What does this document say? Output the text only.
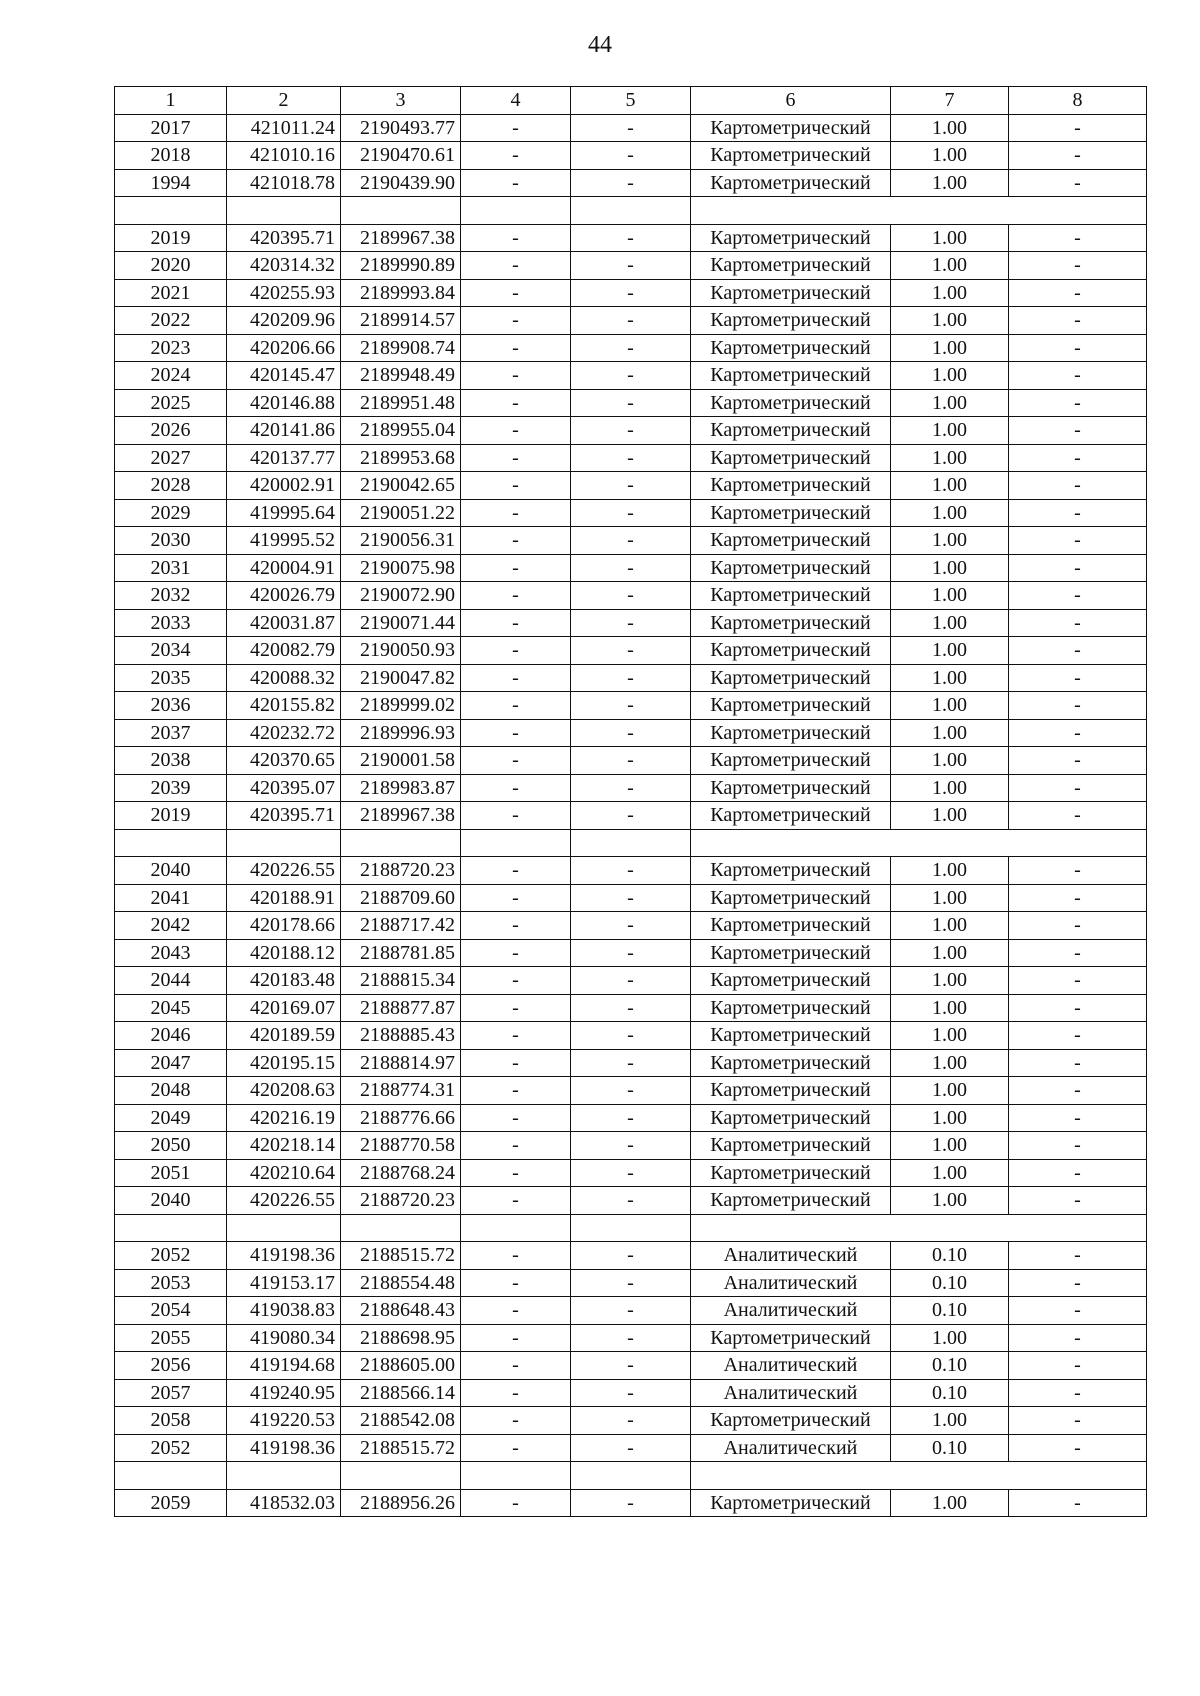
44
1	2	3	4	5	6	7	8
2017	421011.24	2190493.77	-	-	Картометрический	1.00	-
2018	421010.16	2190470.61	-	-	Картометрический	1.00	-
1994	421018.78	2190439.90	-	-	Картометрический	1.00	-

2019	420395.71	2189967.38	-	-	Картометрический	1.00	-
2020	420314.32	2189990.89	-	-	Картометрический	1.00	-
2021	420255.93	2189993.84	-	-	Картометрический	1.00	-
2022	420209.96	2189914.57	-	-	Картометрический	1.00	-
2023	420206.66	2189908.74	-	-	Картометрический	1.00	-
2024	420145.47	2189948.49	-	-	Картометрический	1.00	-
2025	420146.88	2189951.48	-	-	Картометрический	1.00	-
2026	420141.86	2189955.04	-	-	Картометрический	1.00	-
2027	420137.77	2189953.68	-	-	Картометрический	1.00	-
2028	420002.91	2190042.65	-	-	Картометрический	1.00	-
2029	419995.64	2190051.22	-	-	Картометрический	1.00	-
2030	419995.52	2190056.31	-	-	Картометрический	1.00	-
2031	420004.91	2190075.98	-	-	Картометрический	1.00	-
2032	420026.79	2190072.90	-	-	Картометрический	1.00	-
2033	420031.87	2190071.44	-	-	Картометрический	1.00	-
2034	420082.79	2190050.93	-	-	Картометрический	1.00	-
2035	420088.32	2190047.82	-	-	Картометрический	1.00	-
2036	420155.82	2189999.02	-	-	Картометрический	1.00	-
2037	420232.72	2189996.93	-	-	Картометрический	1.00	-
2038	420370.65	2190001.58	-	-	Картометрический	1.00	-
2039	420395.07	2189983.87	-	-	Картометрический	1.00	-
2019	420395.71	2189967.38	-	-	Картометрический	1.00	-

2040	420226.55	2188720.23	-	-	Картометрический	1.00	-
2041	420188.91	2188709.60	-	-	Картометрический	1.00	-
2042	420178.66	2188717.42	-	-	Картометрический	1.00	-
2043	420188.12	2188781.85	-	-	Картометрический	1.00	-
2044	420183.48	2188815.34	-	-	Картометрический	1.00	-
2045	420169.07	2188877.87	-	-	Картометрический	1.00	-
2046	420189.59	2188885.43	-	-	Картометрический	1.00	-
2047	420195.15	2188814.97	-	-	Картометрический	1.00	-
2048	420208.63	2188774.31	-	-	Картометрический	1.00	-
2049	420216.19	2188776.66	-	-	Картометрический	1.00	-
2050	420218.14	2188770.58	-	-	Картометрический	1.00	-
2051	420210.64	2188768.24	-	-	Картометрический	1.00	-
2040	420226.55	2188720.23	-	-	Картометрический	1.00	-

2052	419198.36	2188515.72	-	-	Аналитический	0.10	-
2053	419153.17	2188554.48	-	-	Аналитический	0.10	-
2054	419038.83	2188648.43	-	-	Аналитический	0.10	-
2055	419080.34	2188698.95	-	-	Картометрический	1.00	-
2056	419194.68	2188605.00	-	-	Аналитический	0.10	-
2057	419240.95	2188566.14	-	-	Аналитический	0.10	-
2058	419220.53	2188542.08	-	-	Картометрический	1.00	-
2052	419198.36	2188515.72	-	-	Аналитический	0.10	-

2059	418532.03	2188956.26	-	-	Картометрический	1.00	-
